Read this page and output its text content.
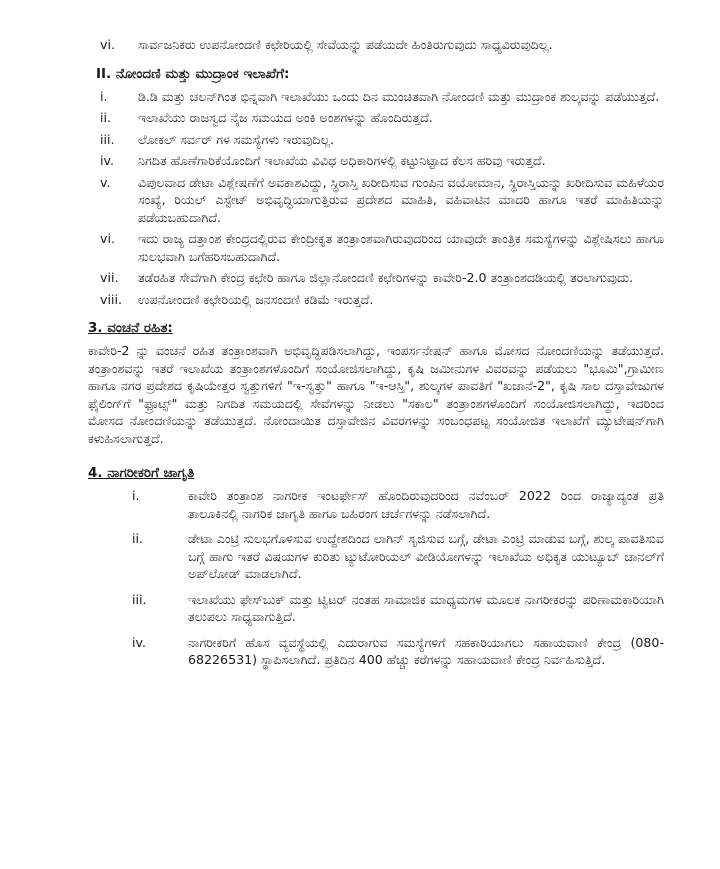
vi.	ಸಾರ್ವಜನಿಕರು ಉಪನೋಂದಣಿ ಕಛೇರಿಯಲ್ಲಿ ಸೇವೆಯನ್ನು ಪಡೆಯದೇ ಹಿಂತಿರುಗುವುದು ಸಾಧ್ಯವಿರುವುದಿಲ್ಲ.
II. ನೋಂದಣಿ ಮತ್ತು ಮುದ್ರಾಂಕ ಇಲಾಖೆಗೆ:
i.	ಡಿ.ಡಿ ಮತ್ತು ಚಲನ್‌ಗಿಂತ ಭಿನ್ನವಾಗಿ ಇಲಾಖೆಯು ಒಂದು ದಿನ ಮುಂಚಿತವಾಗಿ ನೋಂದಣಿ ಮತ್ತು ಮುದ್ರಾಂಕ ಶುಲ್ಕವನ್ನು ಪಡೆಯುತ್ತದೆ.
ii.	ಇಲಾಖೆಯು ರಾಜಸ್ವದ ನೈಜ ಸಮಯದ ಅಂಕಿ ಅಂಶಗಳನ್ನು ಹೊಂದಿರುತ್ತದೆ.
iii.	ಲೋಕಲ್ ಸರ್ವರ್ ಗಳ ಸಮಸ್ಯೆಗಳು ಇರುವುದಿಲ್ಲ.
iv.	ನಿಗದಿತ ಹೊಣೆಗಾರಿಕೆಯೊಂದಿಗೆ ಇಲಾಖೆಯ ವಿವಿಧ ಅಧಿಕಾರಿಗಳಲ್ಲಿ ಕಟ್ಟುನಿಟ್ಟಾದ ಕೆಲಸ ಹರಿವು ಇರುತ್ತದೆ.
v.	ವಿಪುಲವಾದ ಡೇಟಾ ವಿಶ್ಲೇಷಣೆಗೆ ಅವಕಾಶವಿದ್ದು, ಸ್ಥಿರಾಸ್ತಿ ಖರೀದಿಸುವ ಗುಂಪಿನ ವಯೋಮಾನ, ಸ್ಥಿರಾಸ್ತಿಯನ್ನು ಖರೀದಿಸುವ ಮಹಿಳೆಯರ ಸಂಖ್ಯೆ, ರಿಯಲ್ ಎಸ್ಟೇಟ್ ಅಭಿವೃದ್ಧಿಯಾಗುತ್ತಿರುವ ಪ್ರದೇಶದ ಮಾಹಿತಿ, ವಹಿವಾಟಿನ ಮಾದರಿ ಹಾಗೂ ಇತರೆ ಮಾಹಿತಿಯನ್ನು ಪಡೆಯಬಹುದಾಗಿದೆ.
vi.	ಇದು ರಾಜ್ಯ ದತ್ತಾಂಶ ಕೇಂದ್ರದಲ್ಲಿರುವ ಕೇಂದ್ರೀಕೃತ ತಂತ್ರಾಂಶವಾಗಿರುವುದರಿಂದ ಯಾವುದೇ ತಾಂತ್ರಿಕ ಸಮಸ್ಯೆಗಳನ್ನು ವಿಶ್ಲೇಷಿಸಲು ಹಾಗೂ ಸುಲಭವಾಗಿ ಬಗೆಹರಿಸಬಹುದಾಗಿದೆ.
vii.	ತಡೆರಹಿತ ಸೇವೆಗಾಗಿ ಕೇಂದ್ರ ಕಛೇರಿ ಹಾಗೂ ಜಿಲ್ಲಾನೋಂದಣಿ ಕಛೇರಿಗಳನ್ನು ಕಾವೇರಿ-2.0 ತಂತ್ರಾಂಶದಡಿಯಲ್ಲಿ ತರಲಾಗುವುದು.
viii.	ಉಪನೋಂದಣಿ ಕಛೇರಿಯಲ್ಲಿ ಜನಸಂದಣಿ ಕಡಿಮೆ ಇರುತ್ತದೆ.
3. ವಂಚನೆ ರಹಿತ:

ಕಾವೇರಿ-2 ನ್ನು ವಂಚನೆ ರಹಿತ ತಂತ್ರಾಂಶವಾಗಿ ಅಭಿವೃದ್ಧಿಪಡಿಸಲಾಗಿದ್ದು, ಇಂಪರ್ಸನೇಷನ್ ಹಾಗೂ ಮೋಸದ ನೋಂದಣಿಯನ್ನು ತಡೆಯುತ್ತದೆ. ತಂತ್ರಾಂಶವನ್ನು ಇತರೆ ಇಲಾಖೆಯ ತಂತ್ರಾಂಶಗಳೊಂದಿಗೆ ಸಂಯೋಜಿಸಲಾಗಿದ್ದು, ಕೃಷಿ ಜಮೀನುಗಳ ವಿವರವನ್ನು ಪಡೆಯಲು "ಭೂಮಿ",ಗ್ರಾಮೀಣ ಹಾಗೂ ನಗರ ಪ್ರದೇಶದ ಕೃಷಿಯೇತ್ತರ ಸ್ವತ್ತುಗಳಿಗೆ "ಇ-ಸ್ವತ್ತು" ಹಾಗೂ "ಇ-ಆಸ್ತಿ", ಶುಲ್ಕಗಳ ಪಾವತಿಗೆ "ಖಜಾನೆ-2", ಕೃಷಿ ಸಾಲ ದಸ್ತಾವೇಜುಗಳ ಫೈಲಿಂಗ್‌ಗೆ "ಫ್ರೂಟ್ಸ್" ಮತ್ತು ನಿಗದಿತ ಸಮಯದಲ್ಲಿ ಸೇವೆಗಳನ್ನು ನೀಡಲು "ಸಕಾಲ" ತಂತ್ರಾಂಶಗಳೊಂದಿಗೆ ಸಂಯೋಜಿಸಲಾಗಿದ್ದು, ಇದರಿಂದ ಮೋಸದ ನೋಂದಣಿಯನ್ನು ತಡೆಯುತ್ತದೆ. ನೋಂದಾಯಿತ ದಸ್ತಾವೇಜಿನ ವಿವರಗಳನ್ನು ಸಂಬಂಧಪಟ್ಟ ಸಂಯೋಜಿತ ಇಲಾಖೆಗೆ ಮ್ಯುಟೇಷನ್‌ಗಾಗಿ ಕಳುಹಿಸಲಾಗುತ್ತದೆ.

4. ನಾಗರೀಕರಿಗೆ ಜಾಗೃತಿ
i.	ಕಾವೇರಿ ತಂತ್ರಾಂಶ ನಾಗರೀಕ ಇಂಟರ್ಫೇಸ್ ಹೊಂದಿರುವುದರಿಂದ ನವೆಂಬರ್ 2022 ರಿಂದ ರಾಜ್ಯಾದ್ಯಂತ ಪ್ರತಿ ತಾಲೂಕಿನಲ್ಲಿ ನಾಗರಿಕ ಜಾಗೃತಿ ಹಾಗೂ ಬಹಿರಂಗ ಚರ್ಚೆಗಳನ್ನು ನಡೆಸಲಾಗಿದೆ.
ii.	ಡೇಟಾ ಎಂಟ್ರಿ ಸುಲಭಗೊಳಿಸುವ ಉದ್ದೇಶದಿಂದ ಲಾಗಿನ್ ಸೃಜಿಸುವ ಬಗ್ಗೆ, ಡೇಟಾ ಎಂಟ್ರಿ ಮಾಡುವ ಬಗ್ಗೆ, ಶುಲ್ಕ ಪಾವತಿಸುವ ಬಗ್ಗೆ ಹಾಗು ಇತರೆ ವಿಷಯಗಳ ಕುರಿತು ಟ್ಯುಟೋರಿಯಲ್ ವೀಡಿಯೋಗಳನ್ನು ಇಲಾಖೆಯ ಅಧಿಕೃತ ಯುಟ್ಯೂಬ್ ಚಾನಲ್‌ಗೆ ಅಪ್‌ಲೋಡ್ ಮಾಡಲಾಗಿದೆ.
iii.	ಇಲಾಖೆಯು ಫೇಸ್‌ಬುಕ್ ಮತ್ತು ಟ್ವಿಟರ್ ನಂತಹ ಸಾಮಾಜಿಕ ಮಾಧ್ಯಮಗಳ ಮೂಲಕ ನಾಗರೀಕರನ್ನು ಪರಿಣಾಮಕಾರಿಯಾಗಿ ತಲುಪಲು ಸಾಧ್ಯವಾಗುತ್ತಿದೆ.
iv.	ನಾಗರೀಕರಿಗೆ ಹೊಸ ವ್ಯವಸ್ಥೆಯಲ್ಲಿ ಎದುರಾಗುವ ಸಮಸ್ಯೆಗಳಿಗೆ ಸಹಕಾರಿಯಾಗಲು ಸಹಾಯವಾಣಿ ಕೇಂದ್ರ (080-68226531) ಸ್ಥಾಪಿಸಲಾಗಿದೆ. ಪ್ರತಿದಿನ 400 ಹೆಚ್ಚು ಕರೆಗಳನ್ನು ಸಹಾಯವಾಣಿ ಕೇಂದ್ರ ನಿರ್ವಹಿಸುತ್ತಿದೆ.
